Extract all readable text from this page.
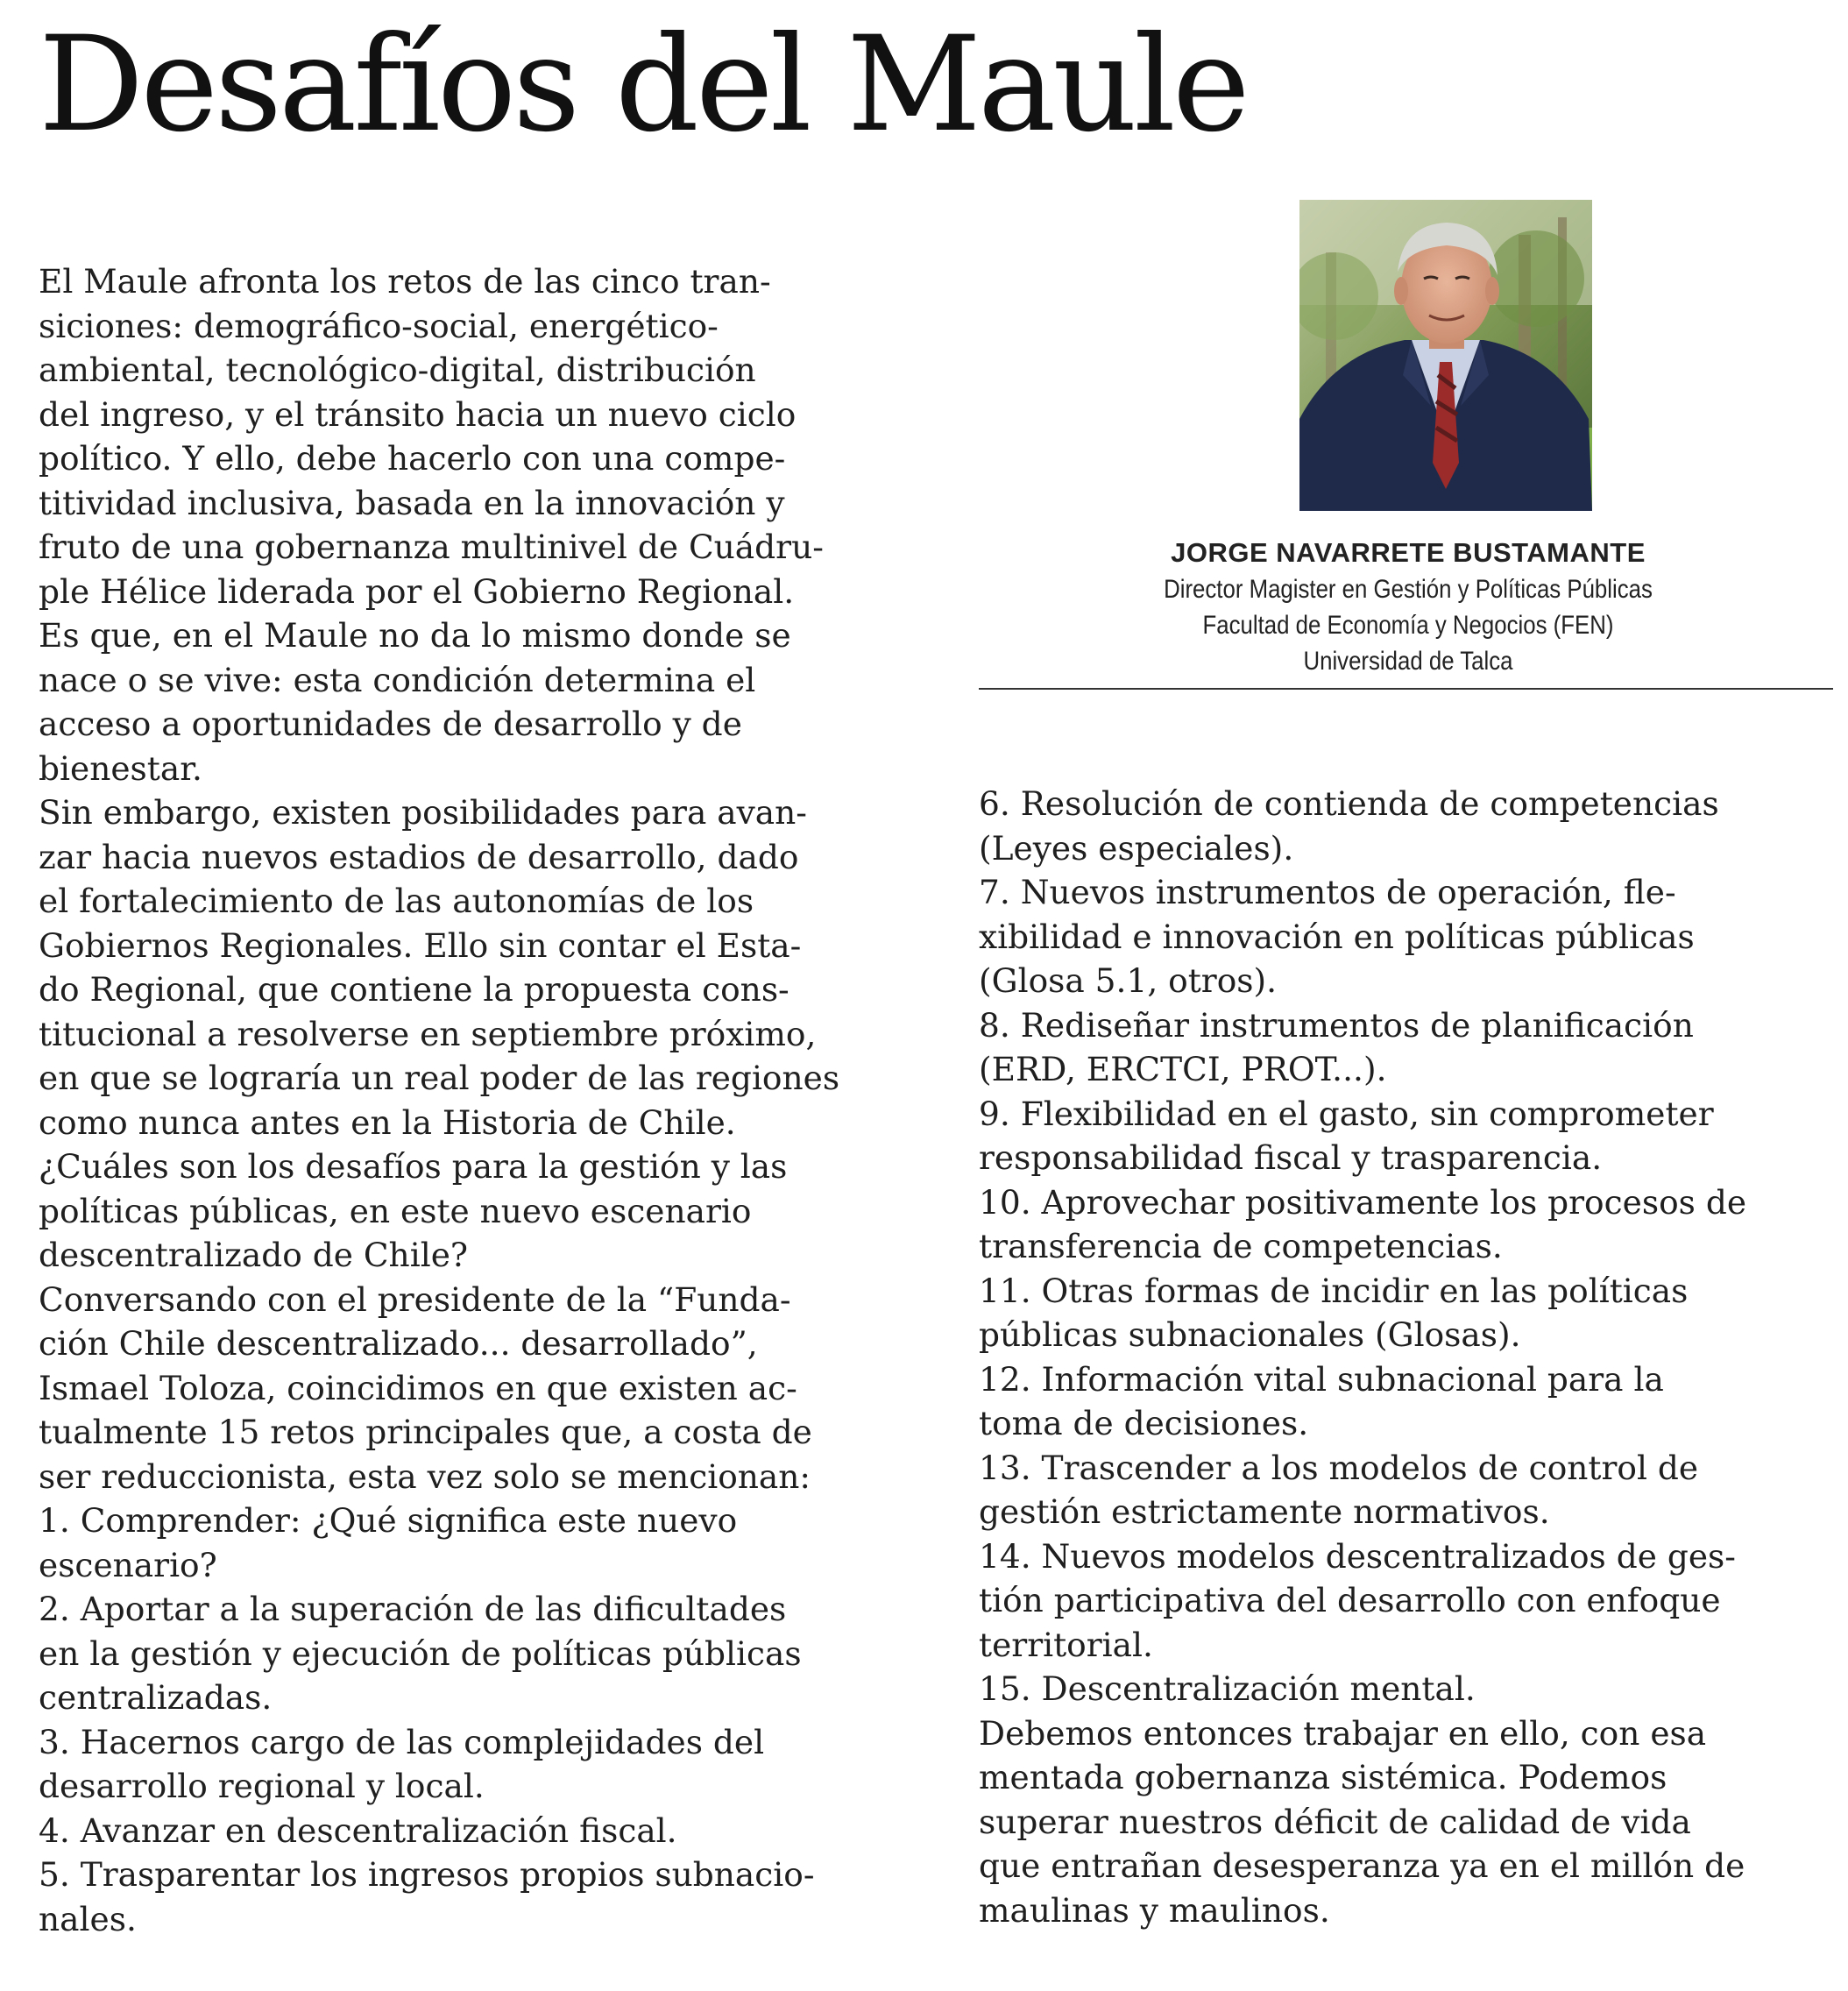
Desafíos del Maule
El Maule afronta los retos de las cinco tran-
siciones: demográfico-social, energético-
ambiental, tecnológico-digital, distribución
del ingreso, y el tránsito hacia un nuevo ciclo
político. Y ello, debe hacerlo con una compe-
titividad inclusiva, basada en la innovación y
fruto de una gobernanza multinivel de Cuádru-
ple Hélice liderada por el Gobierno Regional.
Es que, en el Maule no da lo mismo donde se
nace o se vive: esta condición determina el
acceso a oportunidades de desarrollo y de
bienestar.
Sin embargo, existen posibilidades para avan-
zar hacia nuevos estadios de desarrollo, dado
el fortalecimiento de las autonomías de los
Gobiernos Regionales. Ello sin contar el Esta-
do Regional, que contiene la propuesta cons-
titucional a resolverse en septiembre próximo,
en que se lograría un real poder de las regiones
como nunca antes en la Historia de Chile.
¿Cuáles son los desafíos para la gestión y las
políticas públicas, en este nuevo escenario
descentralizado de Chile?
Conversando con el presidente de la “Funda-
ción Chile descentralizado... desarrollado”,
Ismael Toloza, coincidimos en que existen ac-
tualmente 15 retos principales que, a costa de
ser reduccionista, esta vez solo se mencionan:
1. Comprender: ¿Qué significa este nuevo
escenario?
2. Aportar a la superación de las dificultades
en la gestión y ejecución de políticas públicas
centralizadas.
3. Hacernos cargo de las complejidades del
desarrollo regional y local.
4. Avanzar en descentralización fiscal.
5. Trasparentar los ingresos propios subnacio-
nales.
JORGE NAVARRETE BUSTAMANTE
Director Magister en Gestión y Políticas Públicas
Facultad de Economía y Negocios (FEN)
Universidad de Talca
6. Resolución de contienda de competencias
(Leyes especiales).
7. Nuevos instrumentos de operación, fle-
xibilidad e innovación en políticas públicas
(Glosa 5.1, otros).
8. Rediseñar instrumentos de planificación
(ERD, ERCTCI, PROT...).
9. Flexibilidad en el gasto, sin comprometer
responsabilidad fiscal y trasparencia.
10. Aprovechar positivamente los procesos de
transferencia de competencias.
11. Otras formas de incidir en las políticas
públicas subnacionales (Glosas).
12. Información vital subnacional para la
toma de decisiones.
13. Trascender a los modelos de control de
gestión estrictamente normativos.
14. Nuevos modelos descentralizados de ges-
tión participativa del desarrollo con enfoque
territorial.
15. Descentralización mental.
Debemos entonces trabajar en ello, con esa
mentada gobernanza sistémica. Podemos
superar nuestros déficit de calidad de vida
que entrañan desesperanza ya en el millón de
maulinas y maulinos.
